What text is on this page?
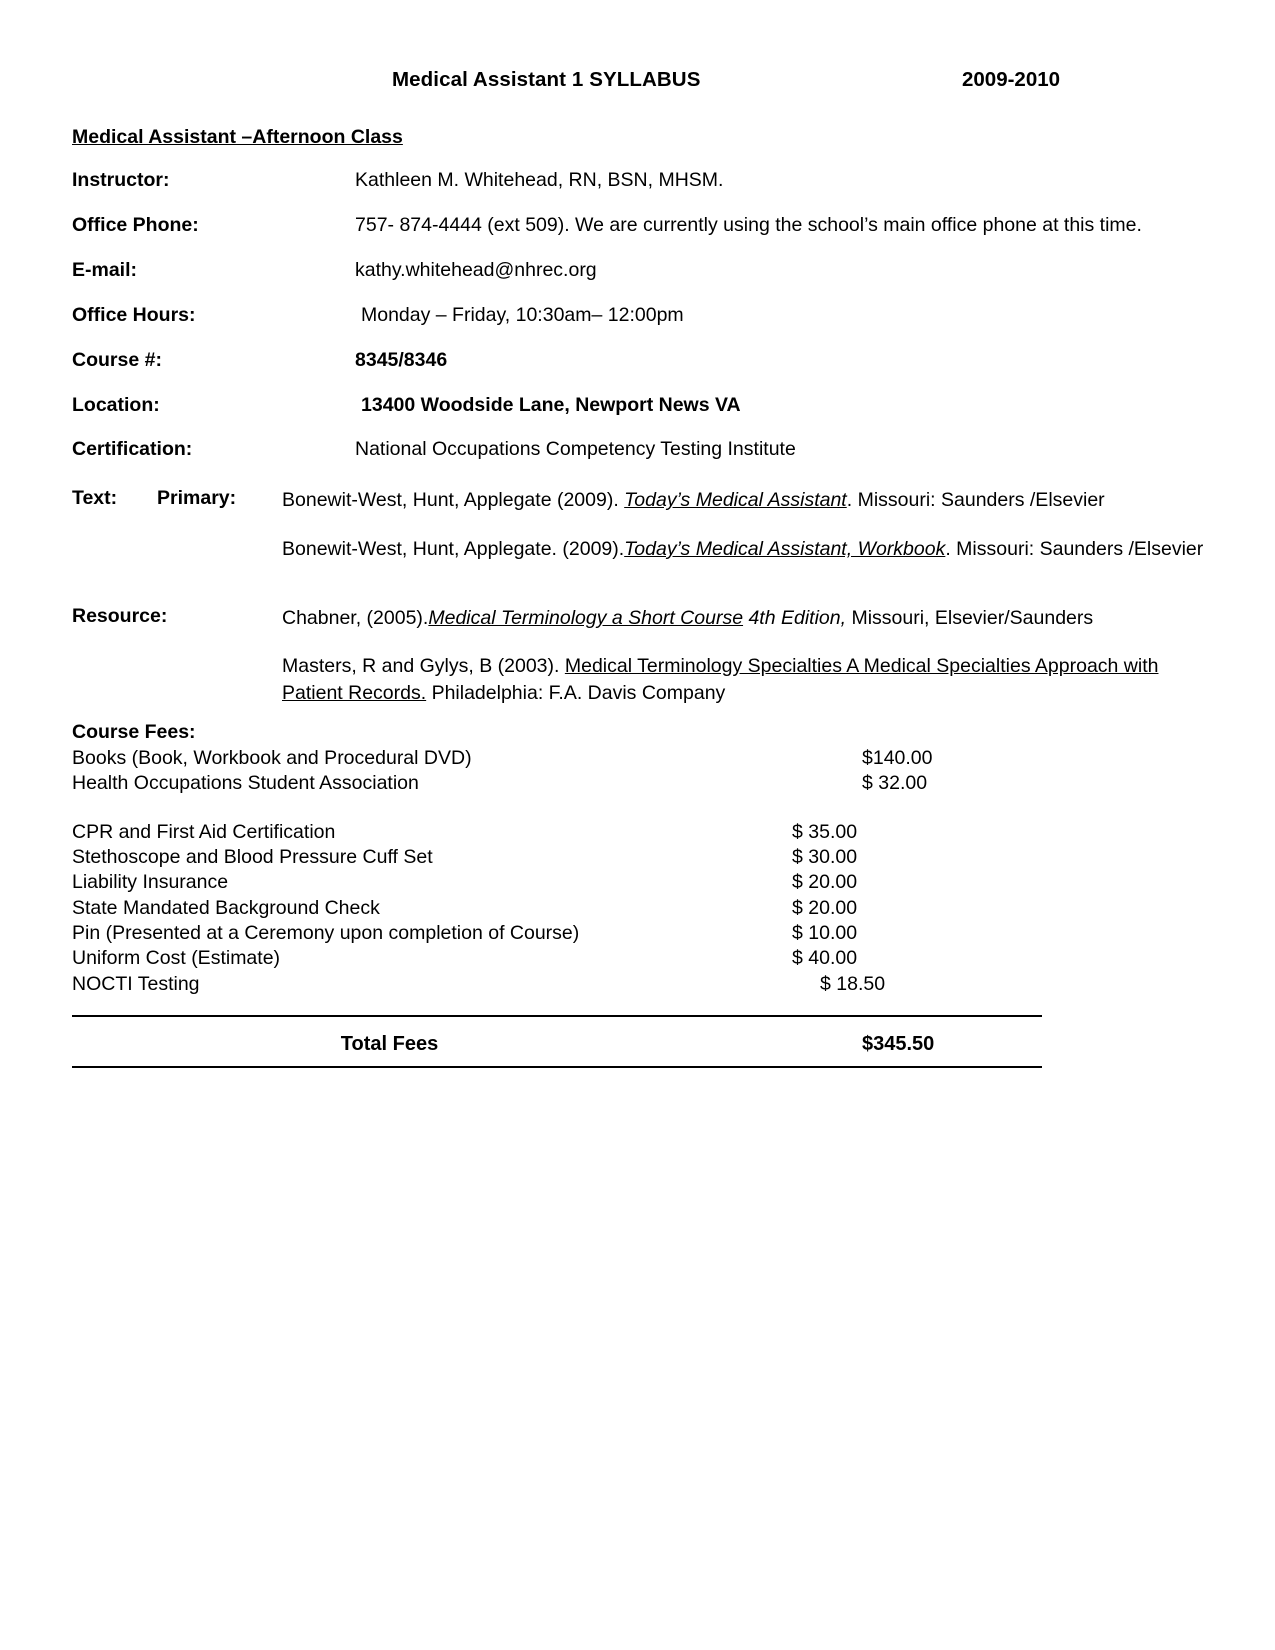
Medical Assistant 1 SYLLABUS	2009-2010
Medical Assistant –Afternoon Class
Instructor:	Kathleen M. Whitehead, RN, BSN, MHSM.
Office Phone:	757- 874-4444 (ext 509). We are currently using the school’s main office phone at this time.
E-mail:	kathy.whitehead@nhrec.org
Office Hours:	Monday – Friday, 10:30am– 12:00pm
Course #:	8345/8346
Location:	13400 Woodside Lane, Newport News VA
Certification:	National Occupations Competency Testing Institute
Text:	Primary:	Bonewit-West, Hunt, Applegate (2009). Today’s Medical Assistant. Missouri: Saunders /Elsevier
Bonewit-West, Hunt, Applegate. (2009).Today’s Medical Assistant, Workbook. Missouri: Saunders /Elsevier
Resource:	Chabner, (2005).Medical Terminology a Short Course 4th Edition, Missouri, Elsevier/Saunders
Masters, R and Gylys, B (2003). Medical Terminology Specialties A Medical Specialties Approach with Patient Records. Philadelphia: F.A. Davis Company
Course Fees:
Books (Book, Workbook and Procedural DVD)	$140.00
Health Occupations Student Association	$ 32.00
CPR and First Aid Certification	$ 35.00
Stethoscope and Blood Pressure Cuff Set	$ 30.00
Liability Insurance	$ 20.00
State Mandated Background Check	$ 20.00
Pin (Presented at a Ceremony upon completion of Course)	$ 10.00
Uniform Cost (Estimate)	$ 40.00
NOCTI Testing	$ 18.50
Total Fees	$345.50
